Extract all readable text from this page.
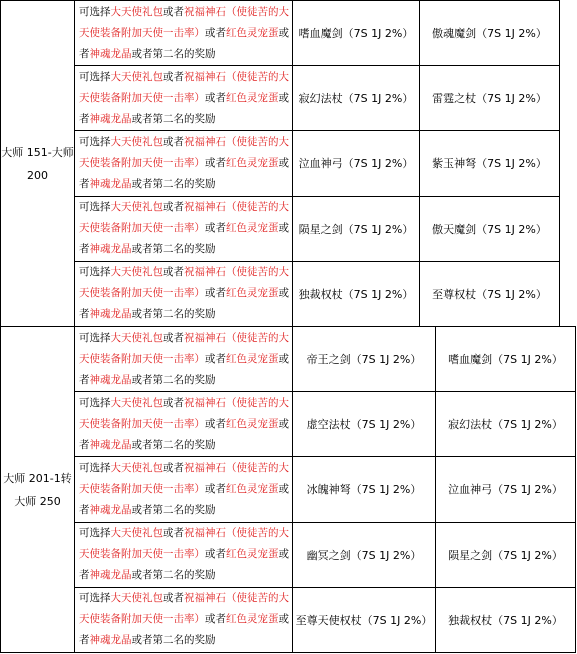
大师 151-大师 200	可选择大天使礼包或者祝福神石（使徒苦的大天使装备附加天使一击率）或者红色灵宠蛋或者神魂龙晶或者第二名的奖励	嗜血魔剑（7S 1J 2%）	傲魂魔剑（7S 1J 2%）

	可选择大天使礼包或者祝福神石（使徒苦的大天使装备附加天使一击率）或者红色灵宠蛋或者神魂龙晶或者第二名的奖励	寂幻法杖（7S 1J 2%）	雷霆之杖（7S 1J 2%）

	可选择大天使礼包或者祝福神石（使徒苦的大天使装备附加天使一击率）或者红色灵宠蛋或者神魂龙晶或者第二名的奖励	泣血神弓（7S 1J 2%）	紫玉神弩（7S 1J 2%）

	可选择大天使礼包或者祝福神石（使徒苦的大天使装备附加天使一击率）或者红色灵宠蛋或者神魂龙晶或者第二名的奖励	陨星之剑（7S 1J 2%）	傲天魔剑（7S 1J 2%）

	可选择大天使礼包或者祝福神石（使徒苦的大天使装备附加天使一击率）或者红色灵宠蛋或者神魂龙晶或者第二名的奖励	独裁权杖（7S 1J 2%）	至尊权杖（7S 1J 2%）
大师 201-1转大师 250	可选择大天使礼包或者祝福神石（使徒苦的大天使装备附加天使一击率）或者红色灵宠蛋或者神魂龙晶或者第二名的奖励	帝王之剑（7S 1J 2%）	嗜血魔剑（7S 1J 2%）

	可选择大天使礼包或者祝福神石（使徒苦的大天使装备附加天使一击率）或者红色灵宠蛋或者神魂龙晶或者第二名的奖励	虚空法杖（7S 1J 2%）	寂幻法杖（7S 1J 2%）

	可选择大天使礼包或者祝福神石（使徒苦的大天使装备附加天使一击率）或者红色灵宠蛋或者神魂龙晶或者第二名的奖励	冰魄神弩（7S 1J 2%）	泣血神弓（7S 1J 2%）

	可选择大天使礼包或者祝福神石（使徒苦的大天使装备附加天使一击率）或者红色灵宠蛋或者神魂龙晶或者第二名的奖励	幽冥之剑（7S 1J 2%）	陨星之剑（7S 1J 2%）

	可选择大天使礼包或者祝福神石（使徒苦的大天使装备附加天使一击率）或者红色灵宠蛋或者神魂龙晶或者第二名的奖励	至尊天使权杖（7S 1J 2%）	独裁权杖（7S 1J 2%）
